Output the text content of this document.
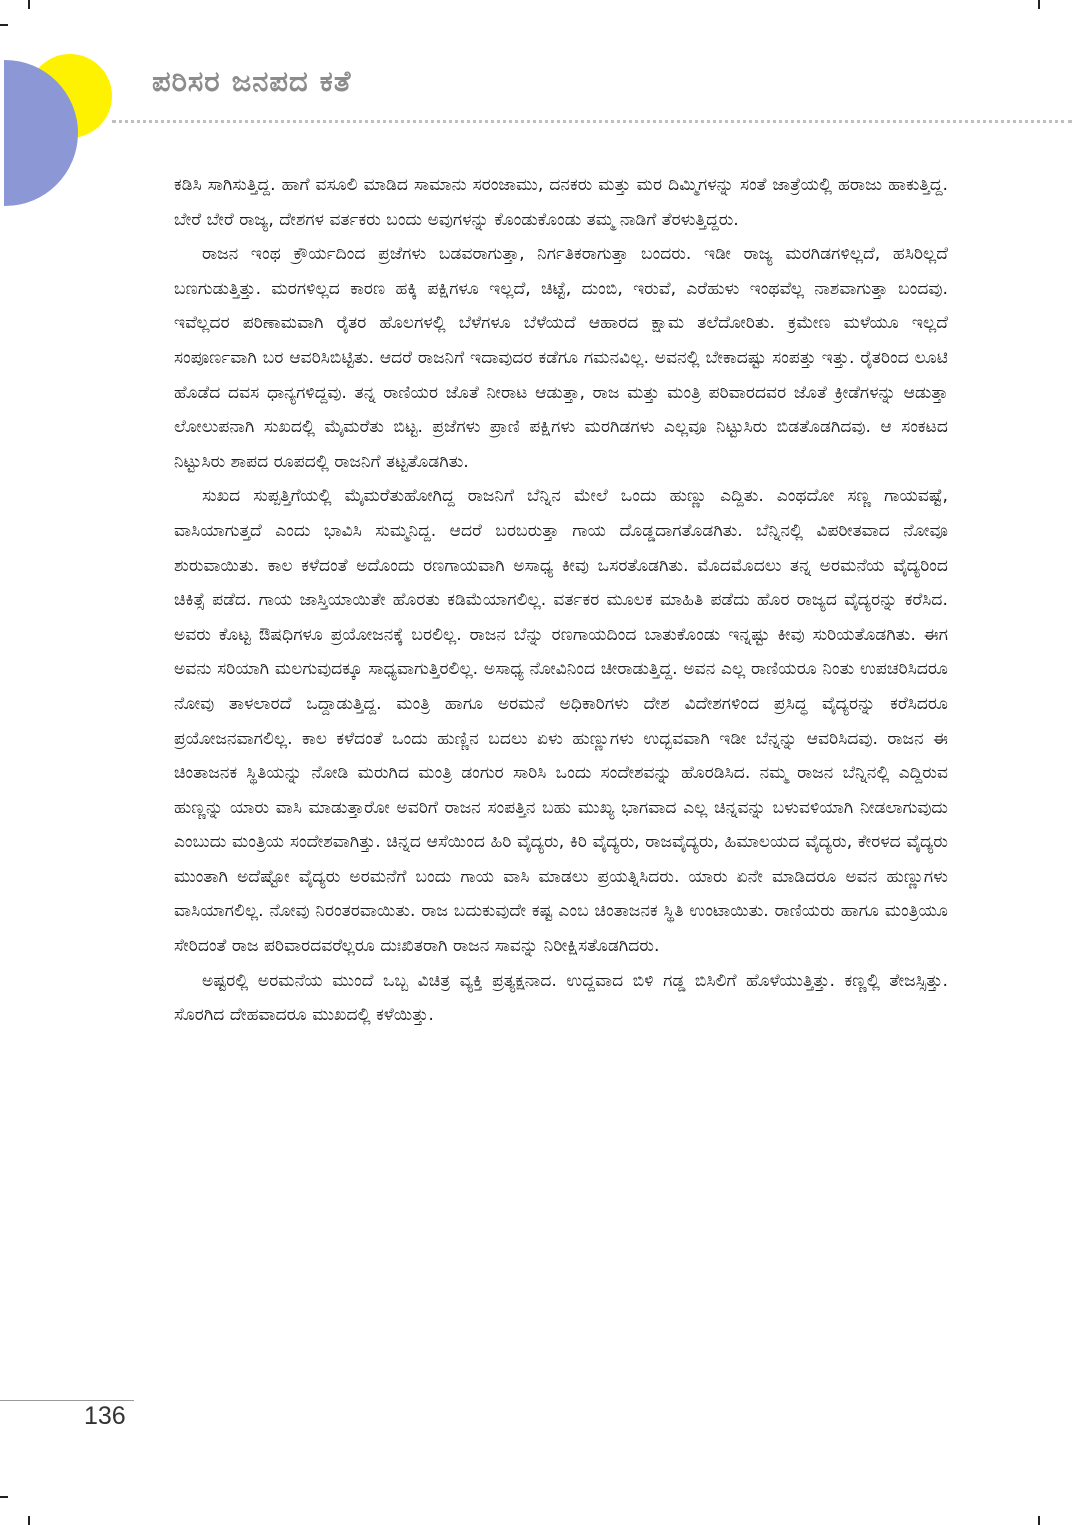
ಪರಿಸರ ಜನಪದ ಕತೆ

ಕಡಿಸಿ ಸಾಗಿಸುತ್ತಿದ್ದ. ಹಾಗೆ ವಸೂಲಿ ಮಾಡಿದ ಸಾಮಾನು ಸರಂಜಾಮು, ದನಕರು ಮತ್ತು ಮರ ದಿಮ್ಮಿಗಳನ್ನು ಸಂತೆ ಜಾತ್ರೆಯಲ್ಲಿ ಹರಾಜು ಹಾಕುತ್ತಿದ್ದ. ಬೇರೆ ಬೇರೆ ರಾಜ್ಯ, ದೇಶಗಳ ವರ್ತಕರು ಬಂದು ಅವುಗಳನ್ನು ಕೊಂಡುಕೊಂಡು ತಮ್ಮ ನಾಡಿಗೆ ತೆರಳುತ್ತಿದ್ದರು.

ರಾಜನ ಇಂಥ ಕ್ರೌರ್ಯದಿಂದ ಪ್ರಜೆಗಳು ಬಡವರಾಗುತ್ತಾ, ನಿರ್ಗತಿಕರಾಗುತ್ತಾ ಬಂದರು. ಇಡೀ ರಾಜ್ಯ ಮರಗಿಡಗಳಿಲ್ಲದೆ, ಹಸಿರಿಲ್ಲದೆ ಬಣಗುಡುತ್ತಿತ್ತು. ಮರಗಳಿಲ್ಲದ ಕಾರಣ ಹಕ್ಕಿ ಪಕ್ಷಿಗಳೂ ಇಲ್ಲದೆ, ಚಿಟ್ಟೆ, ದುಂಬಿ, ಇರುವೆ, ಎರೆಹುಳು ಇಂಥವೆಲ್ಲ ನಾಶವಾಗುತ್ತಾ ಬಂದವು. ಇವೆಲ್ಲದರ ಪರಿಣಾಮವಾಗಿ ರೈತರ ಹೊಲಗಳಲ್ಲಿ ಬೆಳೆಗಳೂ ಬೆಳೆಯದೆ ಆಹಾರದ ಕ್ಷಾಮ ತಲೆದೋರಿತು. ಕ್ರಮೇಣ ಮಳೆಯೂ ಇಲ್ಲದೆ ಸಂಪೂರ್ಣವಾಗಿ ಬರ ಆವರಿಸಿಬಿಟ್ಟಿತು. ಆದರೆ ರಾಜನಿಗೆ ಇದಾವುದರ ಕಡೆಗೂ ಗಮನವಿಲ್ಲ. ಅವನಲ್ಲಿ ಬೇಕಾದಷ್ಟು ಸಂಪತ್ತು ಇತ್ತು. ರೈತರಿಂದ ಲೂಟಿ ಹೊಡೆದ ದವಸ ಧಾನ್ಯಗಳಿದ್ದವು. ತನ್ನ ರಾಣಿಯರ ಜೊತೆ ನೀರಾಟ ಆಡುತ್ತಾ, ರಾಜ ಮತ್ತು ಮಂತ್ರಿ ಪರಿವಾರದವರ ಜೊತೆ ಕ್ರೀಡೆಗಳನ್ನು ಆಡುತ್ತಾ ಲೋಲುಪನಾಗಿ ಸುಖದಲ್ಲಿ ಮೈಮರೆತು ಬಿಟ್ಟ. ಪ್ರಜೆಗಳು ಪ್ರಾಣಿ ಪಕ್ಷಿಗಳು ಮರಗಿಡಗಳು ಎಲ್ಲವೂ ನಿಟ್ಟುಸಿರು ಬಿಡತೊಡಗಿದವು. ಆ ಸಂಕಟದ ನಿಟ್ಟುಸಿರು ಶಾಪದ ರೂಪದಲ್ಲಿ ರಾಜನಿಗೆ ತಟ್ಟತೊಡಗಿತು.

ಸುಖದ ಸುಪ್ಪತ್ತಿಗೆಯಲ್ಲಿ ಮೈಮರೆತುಹೋಗಿದ್ದ ರಾಜನಿಗೆ ಬೆನ್ನಿನ ಮೇಲೆ ಒಂದು ಹುಣ್ಣು ಎದ್ದಿತು. ಎಂಥದೋ ಸಣ್ಣ ಗಾಯವಷ್ಟೆ, ವಾಸಿಯಾಗುತ್ತದೆ ಎಂದು ಭಾವಿಸಿ ಸುಮ್ಮನಿದ್ದ. ಆದರೆ ಬರಬರುತ್ತಾ ಗಾಯ ದೊಡ್ಡದಾಗತೊಡಗಿತು. ಬೆನ್ನಿನಲ್ಲಿ ವಿಪರೀತವಾದ ನೋವೂ ಶುರುವಾಯಿತು. ಕಾಲ ಕಳೆದಂತೆ ಅದೊಂದು ರಣಗಾಯವಾಗಿ ಅಸಾಧ್ಯ ಕೀವು ಒಸರತೊಡಗಿತು. ಮೊದಮೊದಲು ತನ್ನ ಅರಮನೆಯ ವೈದ್ಯರಿಂದ ಚಿಕಿತ್ಸೆ ಪಡೆದ. ಗಾಯ ಜಾಸ್ತಿಯಾಯಿತೇ ಹೊರತು ಕಡಿಮೆಯಾಗಲಿಲ್ಲ. ವರ್ತಕರ ಮೂಲಕ ಮಾಹಿತಿ ಪಡೆದು ಹೊರ ರಾಜ್ಯದ ವೈದ್ಯರನ್ನು ಕರೆಸಿದ. ಅವರು ಕೊಟ್ಟ ಔಷಧಿಗಳೂ ಪ್ರಯೋಜನಕ್ಕೆ ಬರಲಿಲ್ಲ. ರಾಜನ ಬೆನ್ನು ರಣಗಾಯದಿಂದ ಬಾತುಕೊಂಡು ಇನ್ನಷ್ಟು ಕೀವು ಸುರಿಯತೊಡಗಿತು. ಈಗ ಅವನು ಸರಿಯಾಗಿ ಮಲಗುವುದಕ್ಕೂ ಸಾಧ್ಯವಾಗುತ್ತಿರಲಿಲ್ಲ. ಅಸಾಧ್ಯ ನೋವಿನಿಂದ ಚೀರಾಡುತ್ತಿದ್ದ. ಅವನ ಎಲ್ಲ ರಾಣಿಯರೂ ನಿಂತು ಉಪಚರಿಸಿದರೂ ನೋವು ತಾಳಲಾರದೆ ಒದ್ದಾಡುತ್ತಿದ್ದ. ಮಂತ್ರಿ ಹಾಗೂ ಅರಮನೆ ಅಧಿಕಾರಿಗಳು ದೇಶ ವಿದೇಶಗಳಿಂದ ಪ್ರಸಿದ್ಧ ವೈದ್ಯರನ್ನು ಕರೆಸಿದರೂ ಪ್ರಯೋಜನವಾಗಲಿಲ್ಲ. ಕಾಲ ಕಳೆದಂತೆ ಒಂದು ಹುಣ್ಣಿನ ಬದಲು ಏಳು ಹುಣ್ಣುಗಳು ಉದ್ಭವವಾಗಿ ಇಡೀ ಬೆನ್ನನ್ನು ಆವರಿಸಿದವು. ರಾಜನ ಈ ಚಿಂತಾಜನಕ ಸ್ಥಿತಿಯನ್ನು ನೋಡಿ ಮರುಗಿದ ಮಂತ್ರಿ ಡಂಗುರ ಸಾರಿಸಿ ಒಂದು ಸಂದೇಶವನ್ನು ಹೊರಡಿಸಿದ. ನಮ್ಮ ರಾಜನ ಬೆನ್ನಿನಲ್ಲಿ ಎದ್ದಿರುವ ಹುಣ್ಣನ್ನು ಯಾರು ವಾಸಿ ಮಾಡುತ್ತಾರೋ ಅವರಿಗೆ ರಾಜನ ಸಂಪತ್ತಿನ ಬಹು ಮುಖ್ಯ ಭಾಗವಾದ ಎಲ್ಲ ಚಿನ್ನವನ್ನು ಬಳುವಳಿಯಾಗಿ ನೀಡಲಾಗುವುದು ಎಂಬುದು ಮಂತ್ರಿಯ ಸಂದೇಶವಾಗಿತ್ತು. ಚಿನ್ನದ ಆಸೆಯಿಂದ ಹಿರಿ ವೈದ್ಯರು, ಕಿರಿ ವೈದ್ಯರು, ರಾಜವೈದ್ಯರು, ಹಿಮಾಲಯದ ವೈದ್ಯರು, ಕೇರಳದ ವೈದ್ಯರು ಮುಂತಾಗಿ ಅದೆಷ್ಟೋ ವೈದ್ಯರು ಅರಮನೆಗೆ ಬಂದು ಗಾಯ ವಾಸಿ ಮಾಡಲು ಪ್ರಯತ್ನಿಸಿದರು. ಯಾರು ಏನೇ ಮಾಡಿದರೂ ಅವನ ಹುಣ್ಣುಗಳು ವಾಸಿಯಾಗಲಿಲ್ಲ. ನೋವು ನಿರಂತರವಾಯಿತು. ರಾಜ ಬದುಕುವುದೇ ಕಷ್ಟ ಎಂಬ ಚಿಂತಾಜನಕ ಸ್ಥಿತಿ ಉಂಟಾಯಿತು. ರಾಣಿಯರು ಹಾಗೂ ಮಂತ್ರಿಯೂ ಸೇರಿದಂತೆ ರಾಜ ಪರಿವಾರದವರೆಲ್ಲರೂ ದುಃಖಿತರಾಗಿ ರಾಜನ ಸಾವನ್ನು ನಿರೀಕ್ಷಿಸತೊಡಗಿದರು.

ಅಷ್ಟರಲ್ಲಿ ಅರಮನೆಯ ಮುಂದೆ ಒಬ್ಬ ವಿಚಿತ್ರ ವ್ಯಕ್ತಿ ಪ್ರತ್ಯಕ್ಷನಾದ. ಉದ್ದವಾದ ಬಿಳಿ ಗಡ್ಡ ಬಿಸಿಲಿಗೆ ಹೊಳೆಯುತ್ತಿತ್ತು. ಕಣ್ಣಲ್ಲಿ ತೇಜಸ್ಸಿತ್ತು. ಸೊರಗಿದ ದೇಹವಾದರೂ ಮುಖದಲ್ಲಿ ಕಳೆಯಿತ್ತು.

136
